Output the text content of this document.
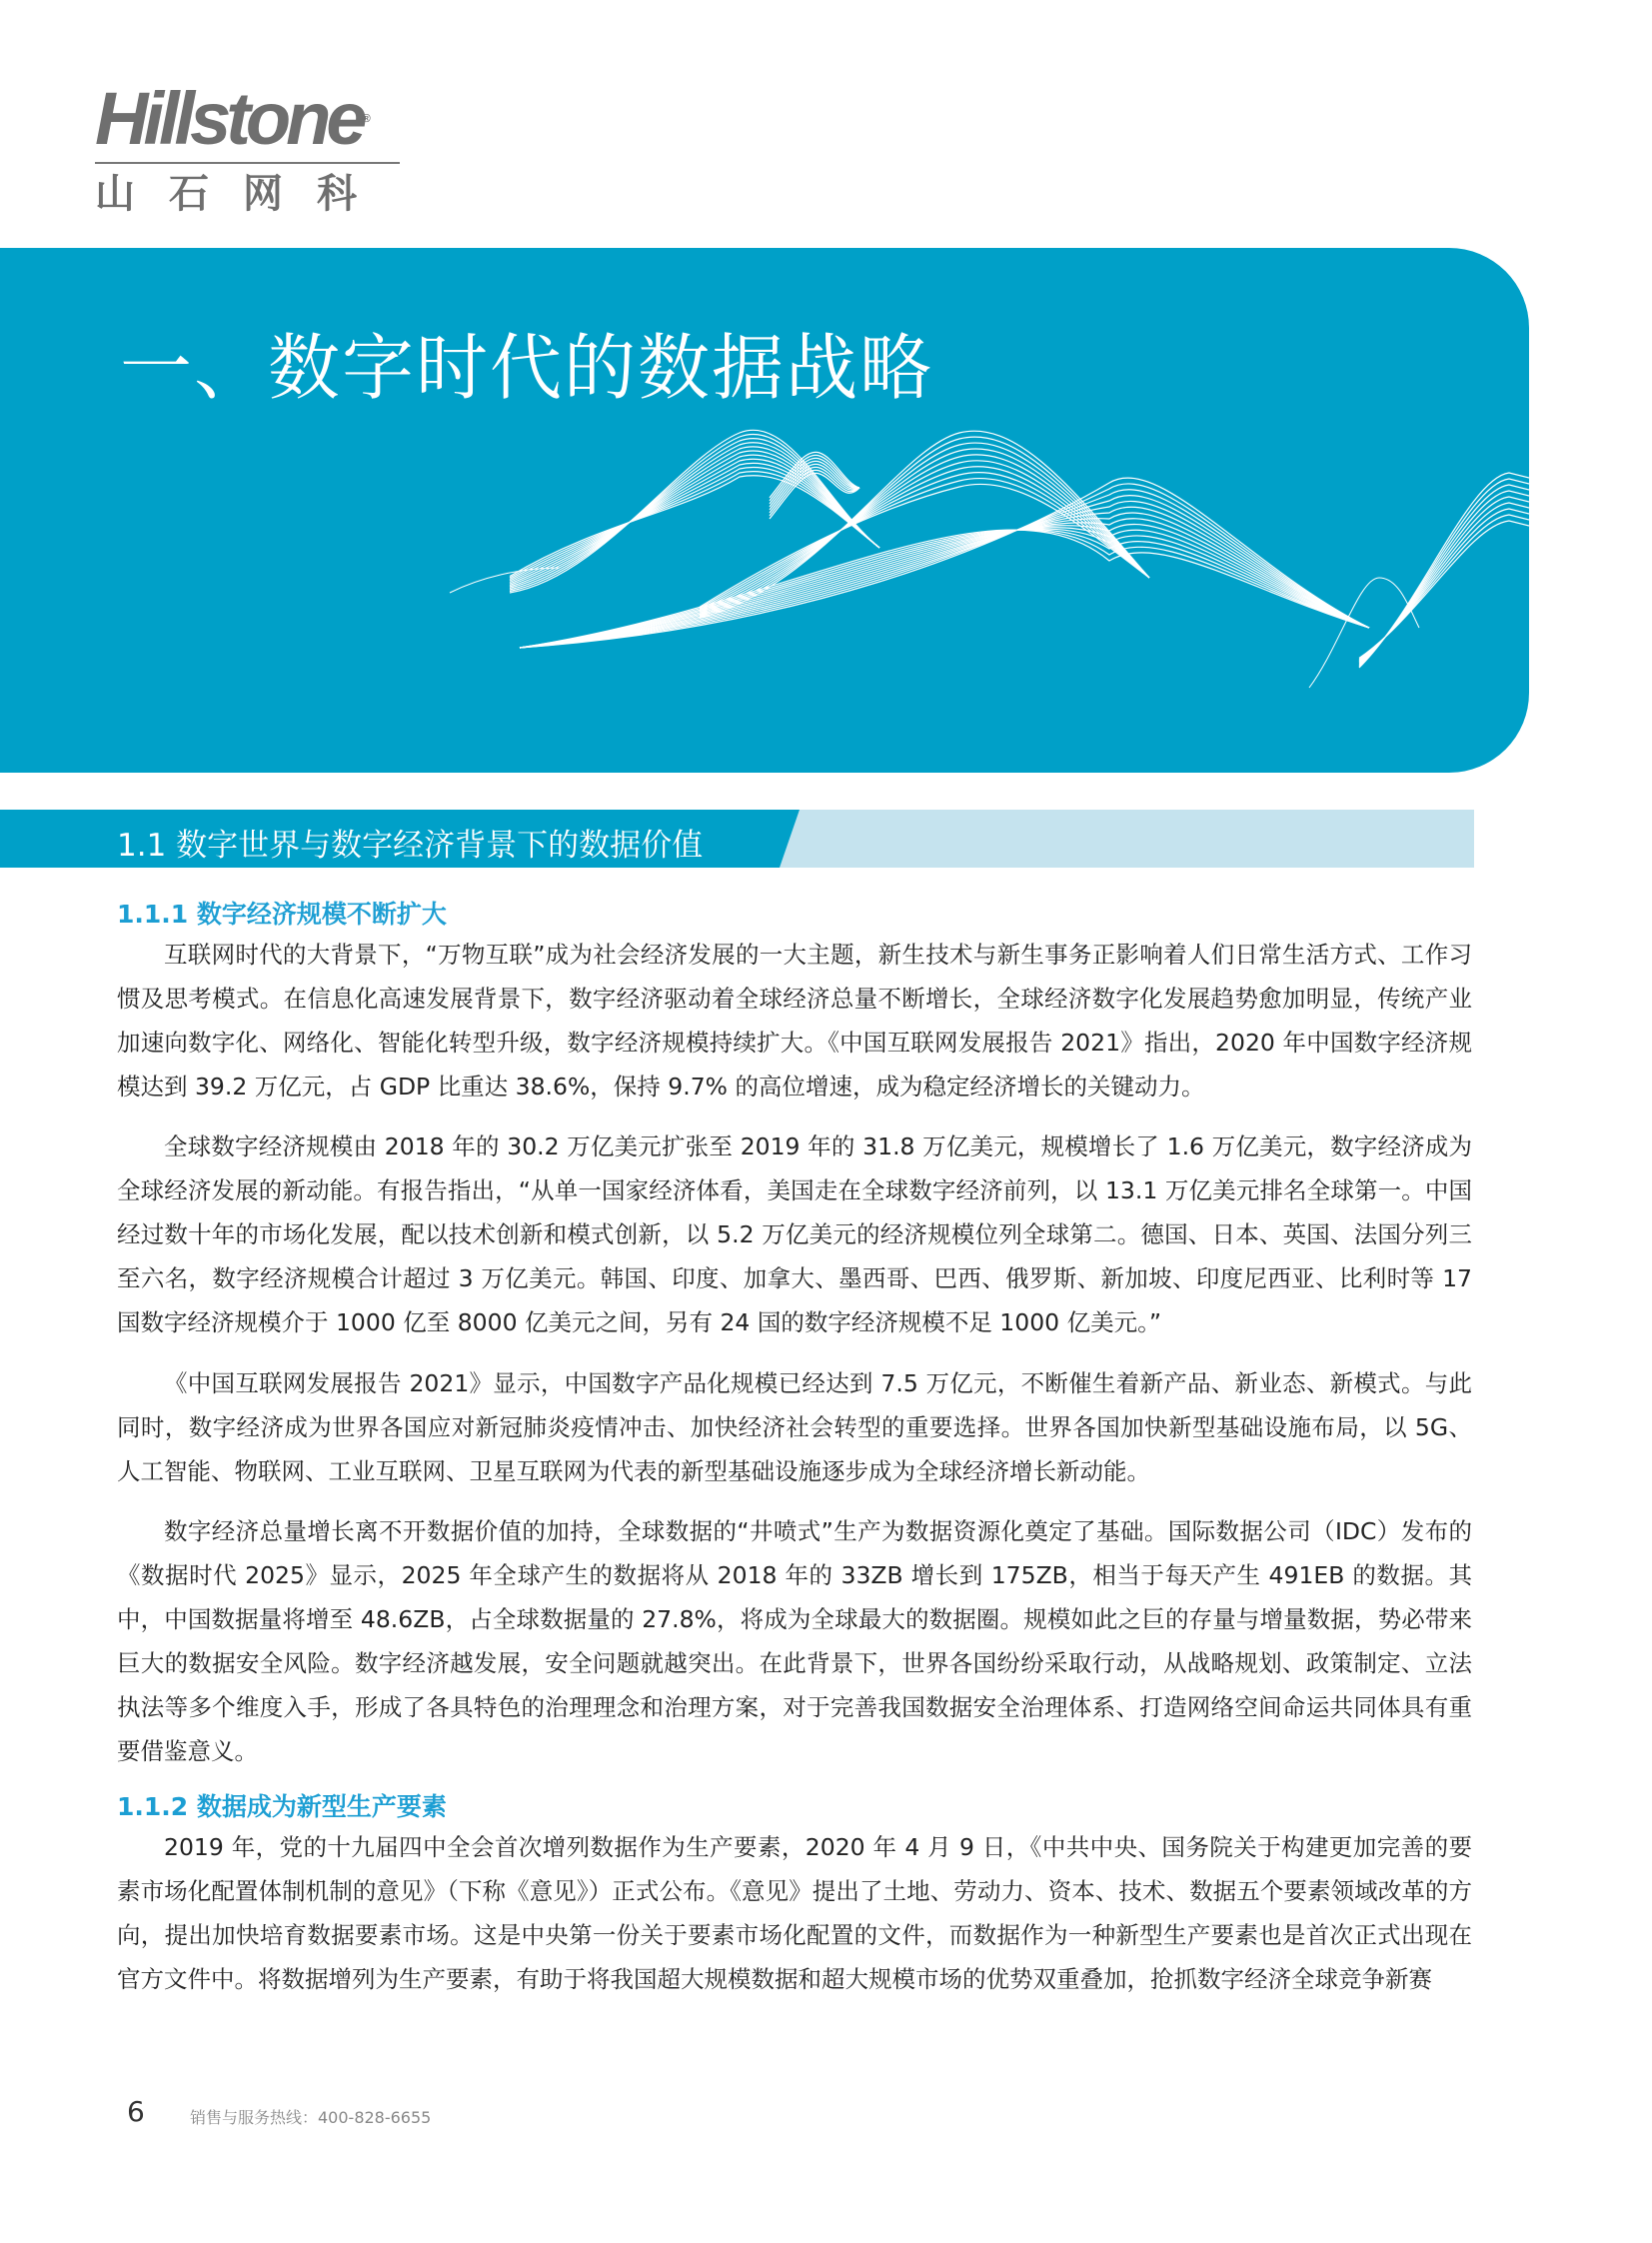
Hillstone®
山石网科
一、数字时代的数据战略
1.1 数字世界与数字经济背景下的数据价值
1.1.1 数字经济规模不断扩大

互联网时代的大背景下，“万物互联”成为社会经济发展的一大主题，新生技术与新生事务正影响着人们日常生活方式、工作习惯及思考模式。在信息化高速发展背景下，数字经济驱动着全球经济总量不断增长，全球经济数字化发展趋势愈加明显，传统产业加速向数字化、网络化、智能化转型升级，数字经济规模持续扩大。《中国互联网发展报告 2021》指出，2020 年中国数字经济规模达到 39.2 万亿元，占 GDP 比重达 38.6%，保持 9.7% 的高位增速，成为稳定经济增长的关键动力。

全球数字经济规模由 2018 年的 30.2 万亿美元扩张至 2019 年的 31.8 万亿美元，规模增长了 1.6 万亿美元，数字经济成为全球经济发展的新动能。有报告指出，“从单一国家经济体看，美国走在全球数字经济前列，以 13.1 万亿美元排名全球第一。中国经过数十年的市场化发展，配以技术创新和模式创新，以 5.2 万亿美元的经济规模位列全球第二。德国、日本、英国、法国分列三至六名，数字经济规模合计超过 3 万亿美元。韩国、印度、加拿大、墨西哥、巴西、俄罗斯、新加坡、印度尼西亚、比利时等 17 国数字经济规模介于 1000 亿至 8000 亿美元之间，另有 24 国的数字经济规模不足 1000 亿美元。”

《中国互联网发展报告 2021》显示，中国数字产品化规模已经达到 7.5 万亿元，不断催生着新产品、新业态、新模式。与此同时，数字经济成为世界各国应对新冠肺炎疫情冲击、加快经济社会转型的重要选择。世界各国加快新型基础设施布局，以 5G、人工智能、物联网、工业互联网、卫星互联网为代表的新型基础设施逐步成为全球经济增长新动能。

数字经济总量增长离不开数据价值的加持，全球数据的“井喷式”生产为数据资源化奠定了基础。国际数据公司（IDC）发布的《数据时代 2025》显示，2025 年全球产生的数据将从 2018 年的 33ZB 增长到 175ZB，相当于每天产生 491EB 的数据。其中，中国数据量将增至 48.6ZB，占全球数据量的 27.8%，将成为全球最大的数据圈。规模如此之巨的存量与增量数据，势必带来巨大的数据安全风险。数字经济越发展，安全问题就越突出。在此背景下，世界各国纷纷采取行动，从战略规划、政策制定、立法执法等多个维度入手，形成了各具特色的治理理念和治理方案，对于完善我国数据安全治理体系、打造网络空间命运共同体具有重要借鉴意义。

1.1.2 数据成为新型生产要素

2019 年，党的十九届四中全会首次增列数据作为生产要素，2020 年 4 月 9 日，《中共中央、国务院关于构建更加完善的要素市场化配置体制机制的意见》（下称《意见》）正式公布。《意见》提出了土地、劳动力、资本、技术、数据五个要素领域改革的方向，提出加快培育数据要素市场。这是中央第一份关于要素市场化配置的文件，而数据作为一种新型生产要素也是首次正式出现在官方文件中。将数据增列为生产要素，有助于将我国超大规模数据和超大规模市场的优势双重叠加，抢抓数字经济全球竞争新赛

6	销售与服务热线：400-828-6655
